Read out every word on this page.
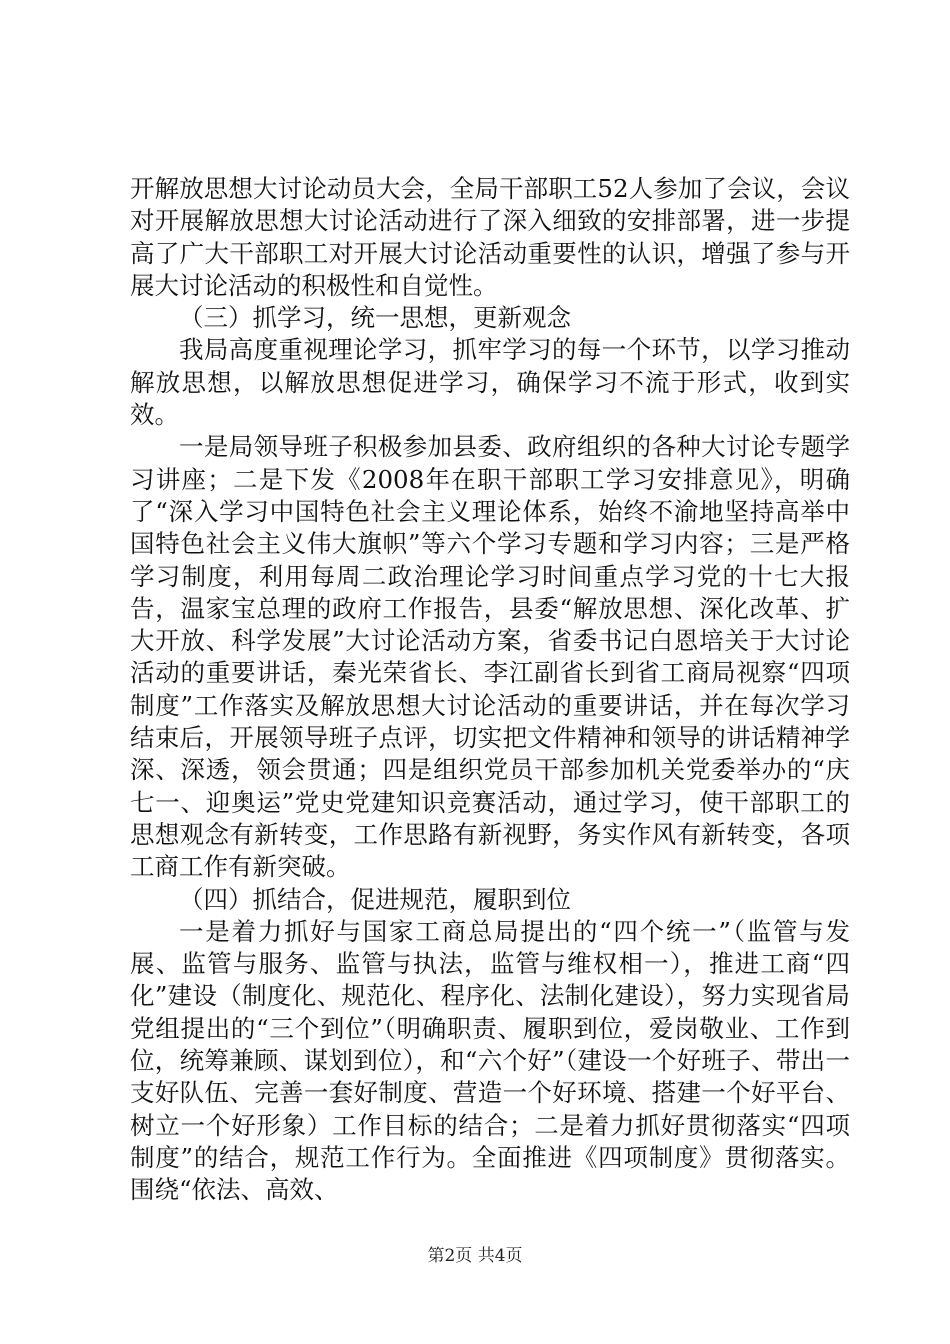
开解放思想大讨论动员大会，全局干部职工52人参加了会议，会议对开展解放思想大讨论活动进行了深入细致的安排部署，进一步提高了广大干部职工对开展大讨论活动重要性的认识，增强了参与开展大讨论活动的积极性和自觉性。

（三）抓学习，统一思想，更新观念

我局高度重视理论学习，抓牢学习的每一个环节，以学习推动解放思想，以解放思想促进学习，确保学习不流于形式，收到实效。

一是局领导班子积极参加县委、政府组织的各种大讨论专题学习讲座；二是下发《2008年在职干部职工学习安排意见》，明确了“深入学习中国特色社会主义理论体系，始终不渝地坚持高举中国特色社会主义伟大旗帜”等六个学习专题和学习内容；三是严格学习制度，利用每周二政治理论学习时间重点学习党的十七大报告，温家宝总理的政府工作报告，县委“解放思想、深化改革、扩大开放、科学发展”大讨论活动方案，省委书记白恩培关于大讨论活动的重要讲话，秦光荣省长、李江副省长到省工商局视察“四项制度”工作落实及解放思想大讨论活动的重要讲话，并在每次学习结束后，开展领导班子点评，切实把文件精神和领导的讲话精神学深、深透，领会贯通；四是组织党员干部参加机关党委举办的“庆七一、迎奥运”党史党建知识竞赛活动，通过学习，使干部职工的思想观念有新转变，工作思路有新视野，务实作风有新转变，各项工商工作有新突破。

（四）抓结合，促进规范，履职到位

一是着力抓好与国家工商总局提出的“四个统一”（监管与发展、监管与服务、监管与执法，监管与维权相一），推进工商“四化”建设（制度化、规范化、程序化、法制化建设），努力实现省局党组提出的“三个到位”（明确职责、履职到位，爱岗敬业、工作到位，统筹兼顾、谋划到位），和“六个好”（建设一个好班子、带出一支好队伍、完善一套好制度、营造一个好环境、搭建一个好平台、树立一个好形象）工作目标的结合；二是着力抓好贯彻落实“四项制度”的结合，规范工作行为。全面推进《四项制度》贯彻落实。围绕“依法、高效、

第2页 共4页
